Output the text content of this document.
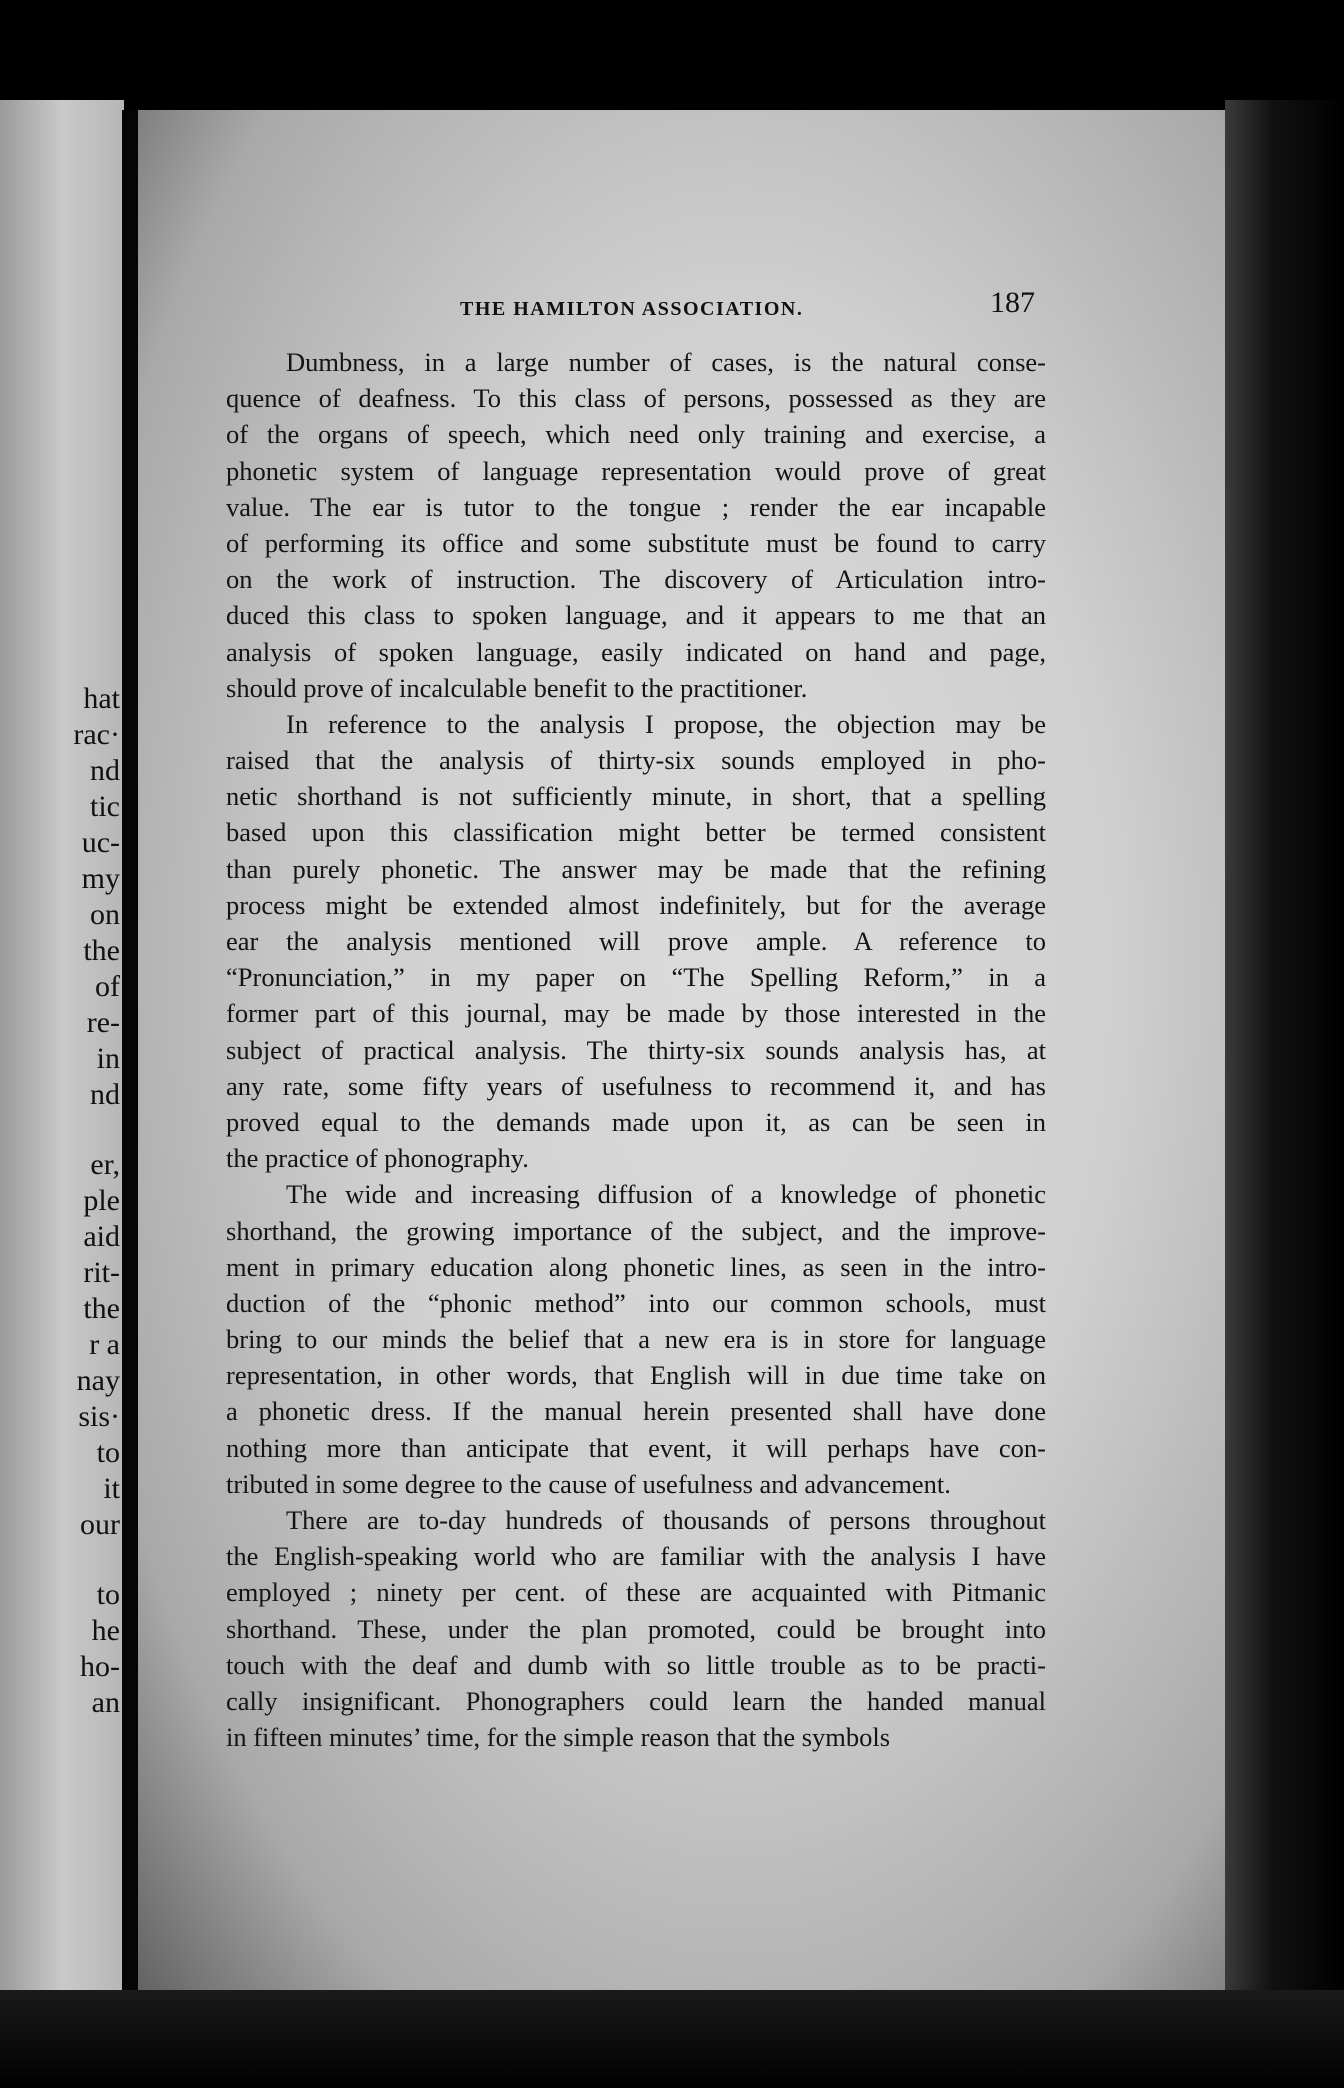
hat
rac·
nd
tic
uc-
my
on
the
of
re-
in
nd
er,
ple
aid
rit-
the
r a
nay
sis·
to
it
our
to
he
ho-
an
THE HAMILTON ASSOCIATION.	187
Dumbness, in a large number of cases, is the natural conse-
quence of deafness. To this class of persons, possessed as they are
of the organs of speech, which need only training and exercise, a
phonetic system of language representation would prove of great
value. The ear is tutor to the tongue ; render the ear incapable
of performing its office and some substitute must be found to carry
on the work of instruction. The discovery of Articulation intro-
duced this class to spoken language, and it appears to me that an
analysis of spoken language, easily indicated on hand and page,
should prove of incalculable benefit to the practitioner.
In reference to the analysis I propose, the objection may be
raised that the analysis of thirty-six sounds employed in pho-
netic shorthand is not sufficiently minute, in short, that a spelling
based upon this classification might better be termed consistent
than purely phonetic. The answer may be made that the refining
process might be extended almost indefinitely, but for the average
ear the analysis mentioned will prove ample. A reference to
“Pronunciation,” in my paper on “The Spelling Reform,” in a
former part of this journal, may be made by those interested in the
subject of practical analysis. The thirty-six sounds analysis has, at
any rate, some fifty years of usefulness to recommend it, and has
proved equal to the demands made upon it, as can be seen in
the practice of phonography.
The wide and increasing diffusion of a knowledge of phonetic
shorthand, the growing importance of the subject, and the improve-
ment in primary education along phonetic lines, as seen in the intro-
duction of the “phonic method” into our common schools, must
bring to our minds the belief that a new era is in store for language
representation, in other words, that English will in due time take on
a phonetic dress. If the manual herein presented shall have done
nothing more than anticipate that event, it will perhaps have con-
tributed in some degree to the cause of usefulness and advancement.
There are to-day hundreds of thousands of persons throughout
the English-speaking world who are familiar with the analysis I have
employed ; ninety per cent. of these are acquainted with Pitmanic
shorthand. These, under the plan promoted, could be brought into
touch with the deaf and dumb with so little trouble as to be practi-
cally insignificant. Phonographers could learn the handed manual
in fifteen minutes’ time, for the simple reason that the symbols
